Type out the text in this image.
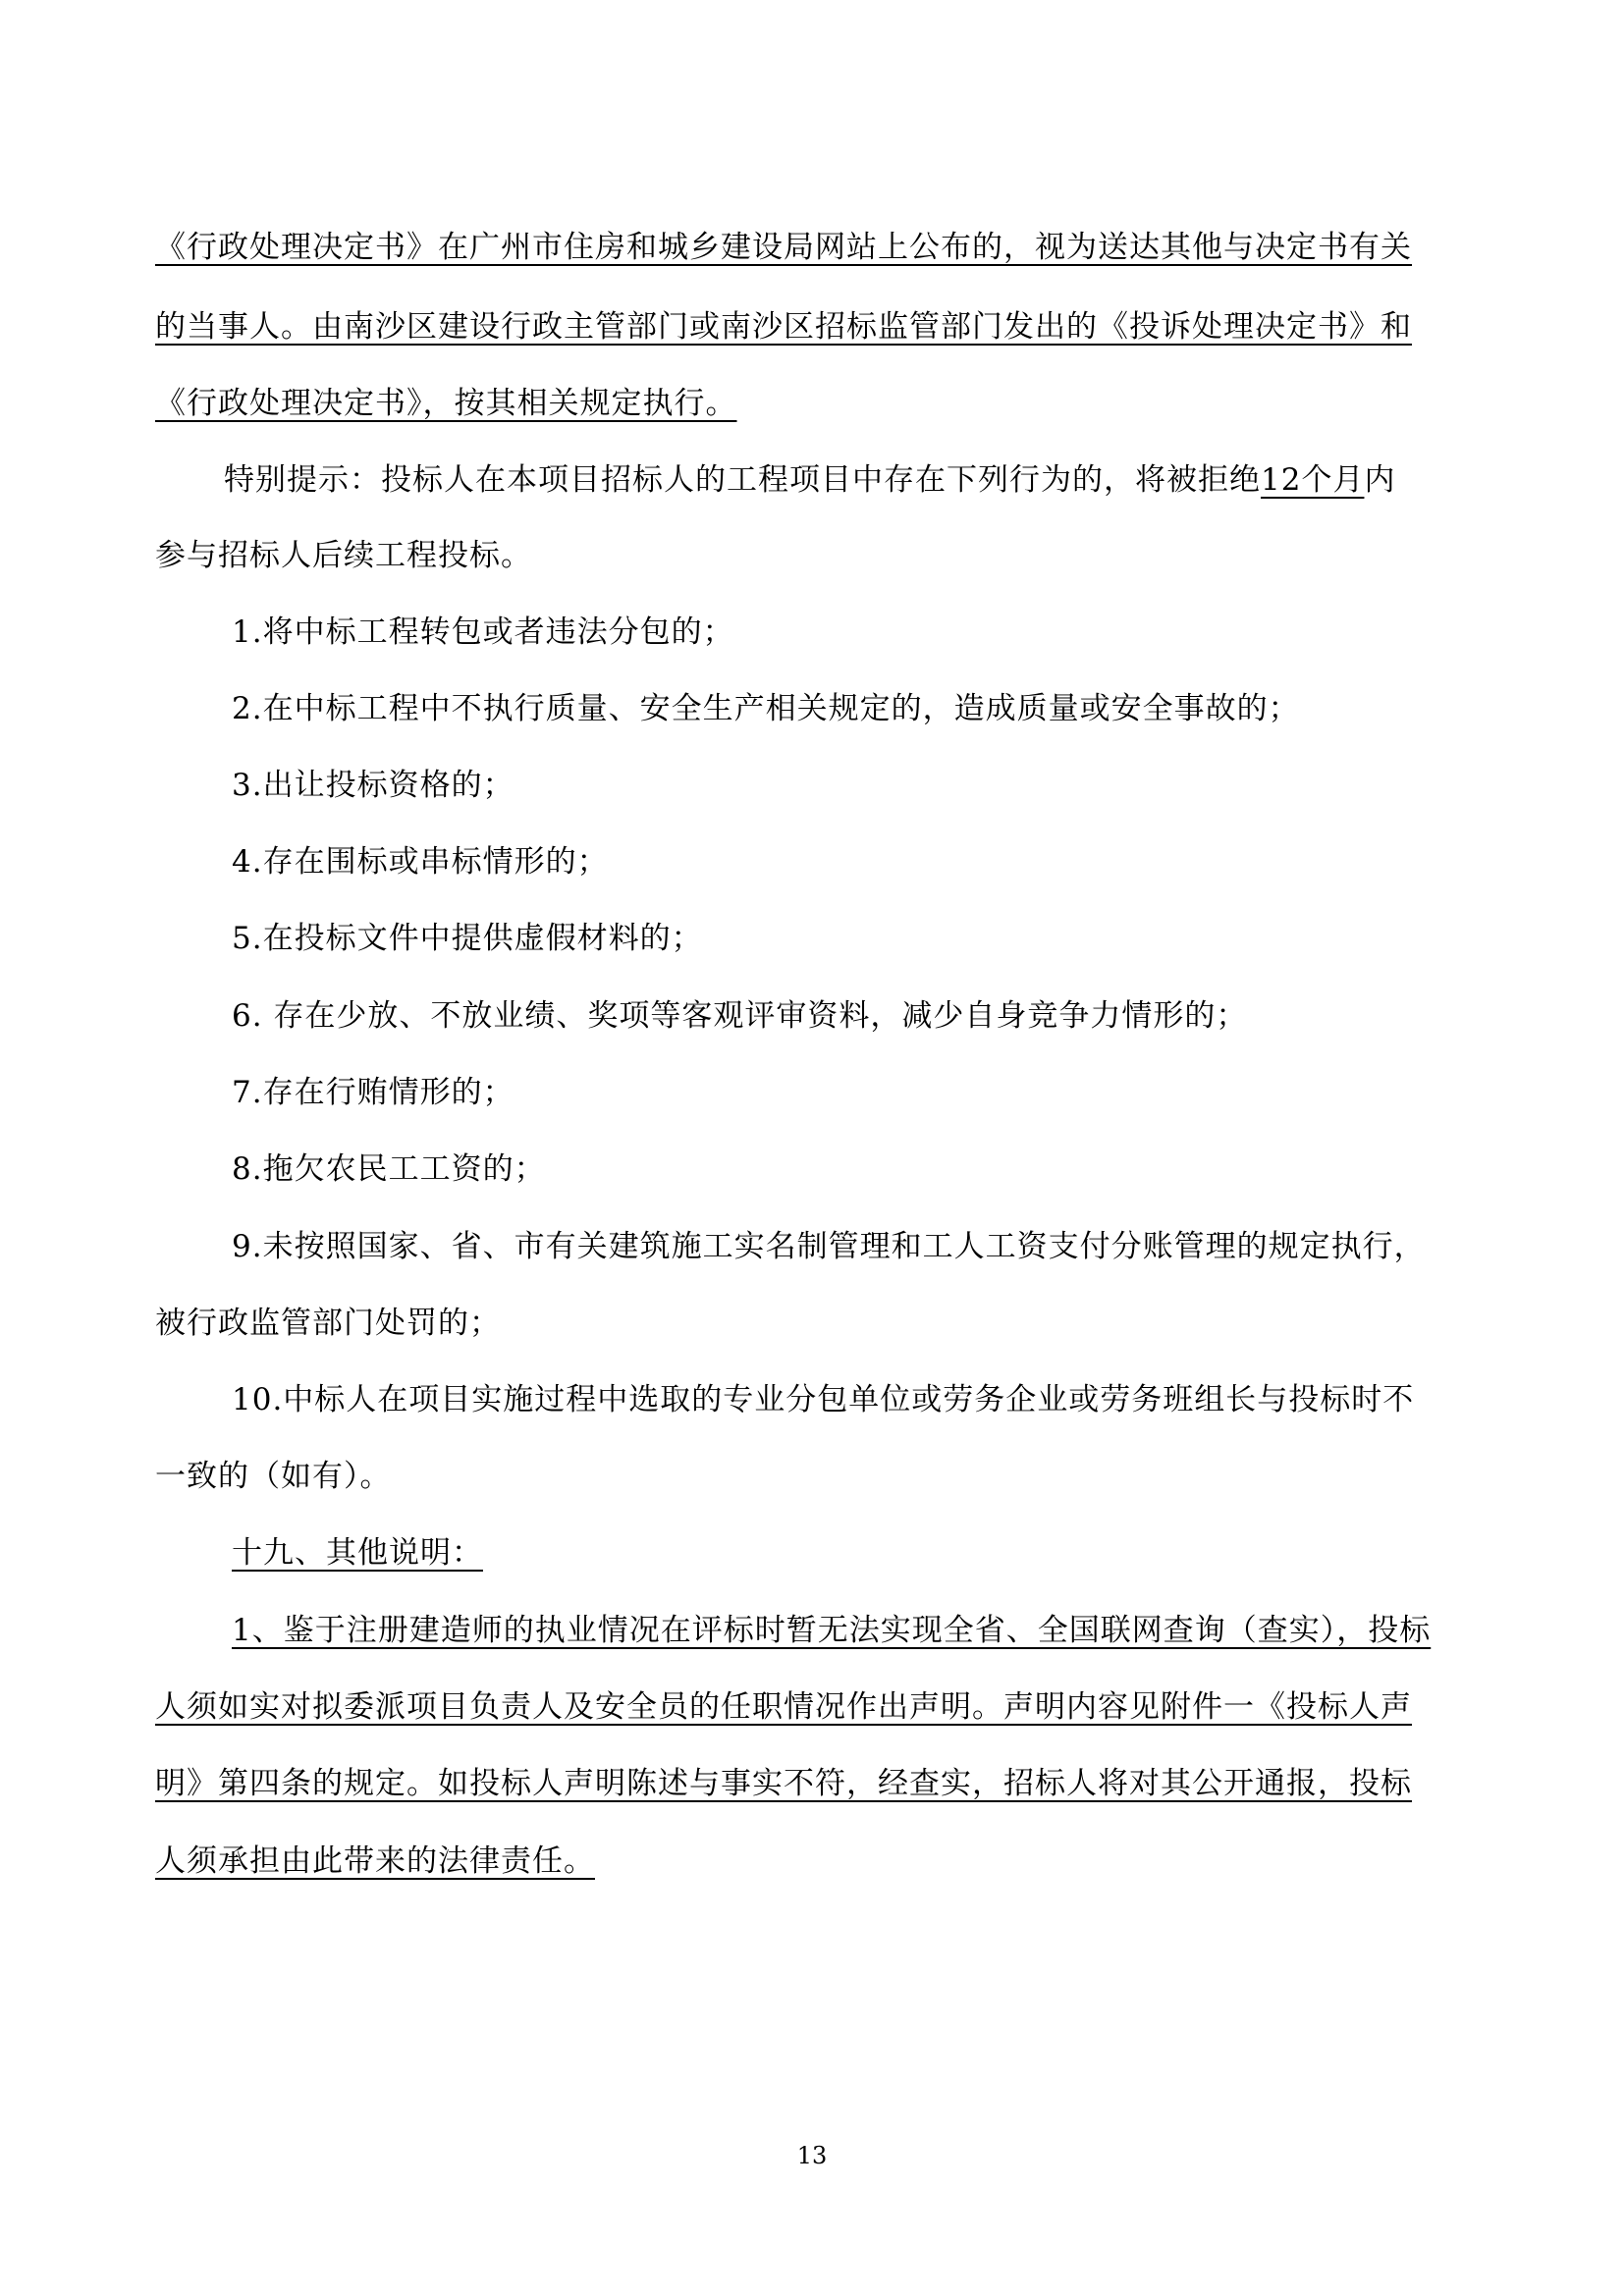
《行政处理决定书》在广州市住房和城乡建设局网站上公布的，视为送达其他与决定书有关
的当事人。由南沙区建设行政主管部门或南沙区招标监管部门发出的《投诉处理决定书》和
《行政处理决定书》，按其相关规定执行。
特别提示：投标人在本项目招标人的工程项目中存在下列行为的，将被拒绝12个月内
参与招标人后续工程投标。
1.将中标工程转包或者违法分包的；
2.在中标工程中不执行质量、安全生产相关规定的，造成质量或安全事故的；
3.出让投标资格的；
4.存在围标或串标情形的；
5.在投标文件中提供虚假材料的；
6. 存在少放、不放业绩、奖项等客观评审资料，减少自身竞争力情形的；
7.存在行贿情形的；
8.拖欠农民工工资的；
9.未按照国家、省、市有关建筑施工实名制管理和工人工资支付分账管理的规定执行，
被行政监管部门处罚的；
10.中标人在项目实施过程中选取的专业分包单位或劳务企业或劳务班组长与投标时不
一致的（如有）。
十九、其他说明：
1、鉴于注册建造师的执业情况在评标时暂无法实现全省、全国联网查询（查实），投标
人须如实对拟委派项目负责人及安全员的任职情况作出声明。声明内容见附件一《投标人声
明》第四条的规定。如投标人声明陈述与事实不符，经查实，招标人将对其公开通报，投标
人须承担由此带来的法律责任。
13
